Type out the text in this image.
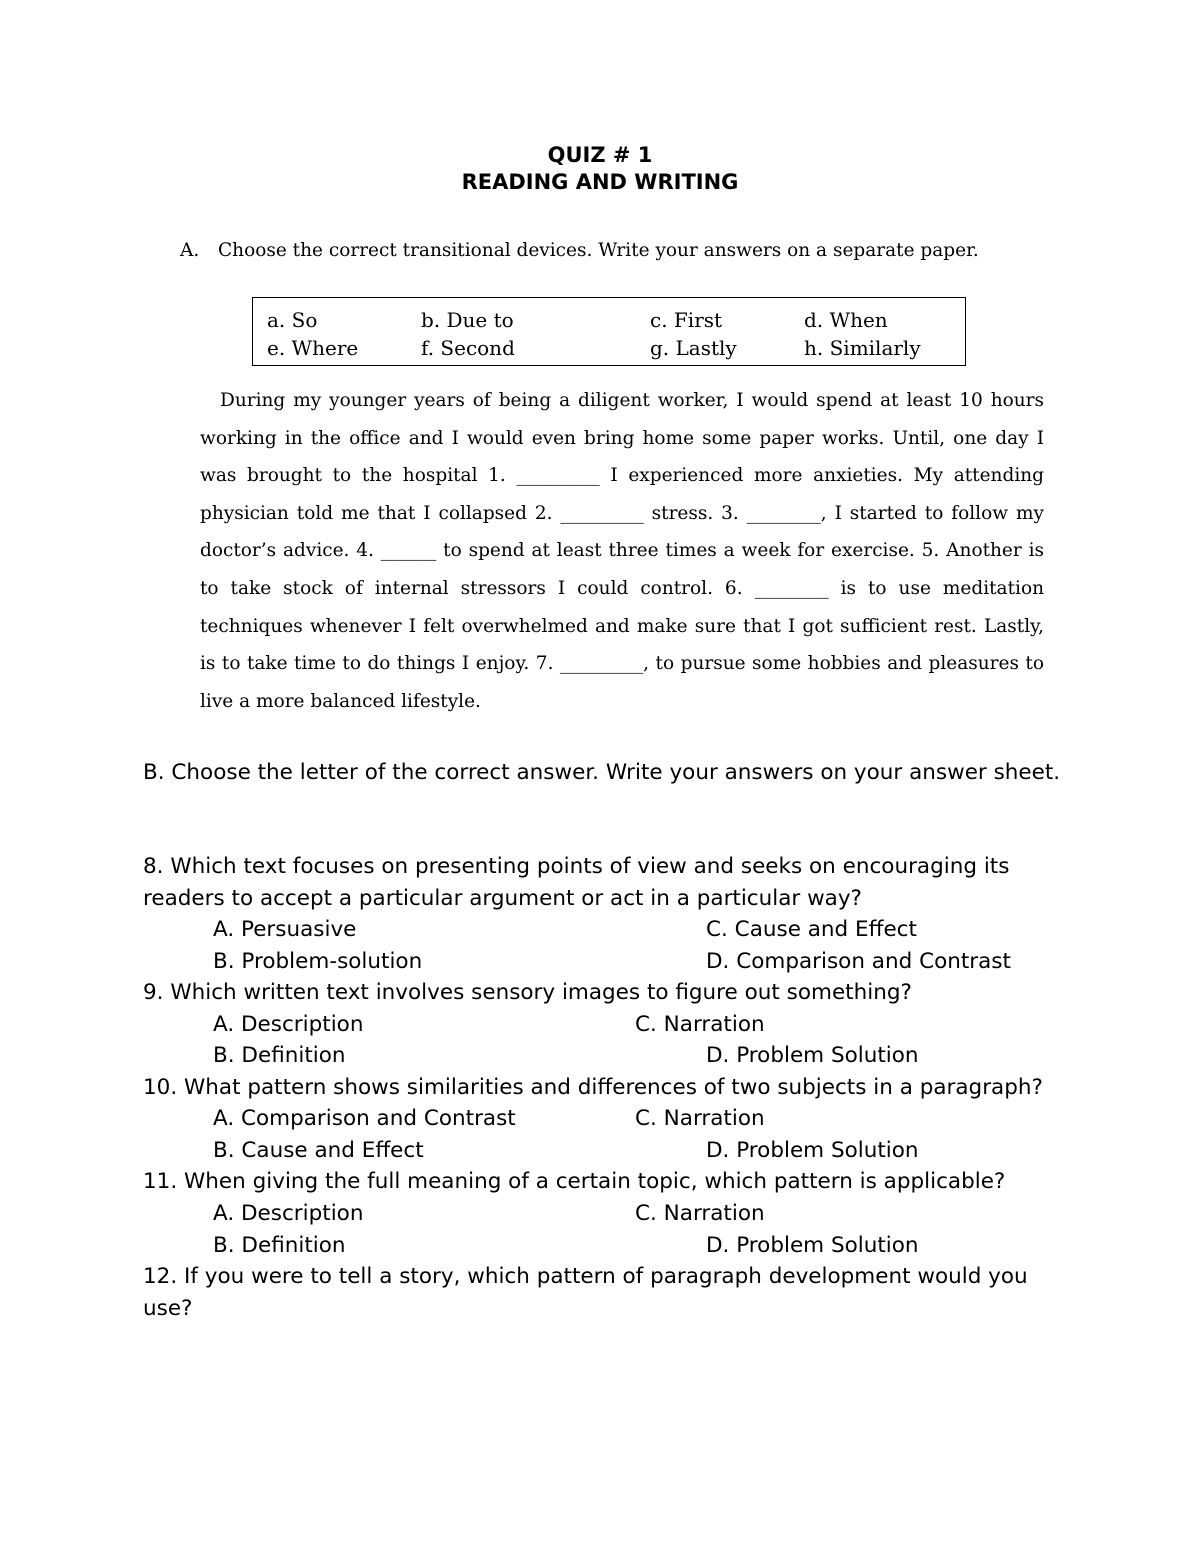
QUIZ # 1
READING AND WRITING
A. Choose the correct transitional devices. Write your answers on a separate paper.
a. So	b. Due to	c. First	d. When
e. Where	f. Second	g. Lastly	h. Similarly

During my younger years of being a diligent worker, I would spend at least 10 hours working in the office and I would even bring home some paper works. Until, one day I was brought to the hospital 1. _________ I experienced more anxieties. My attending physician told me that I collapsed 2. _________ stress. 3. ________, I started to follow my doctor’s advice. 4. ______ to spend at least three times a week for exercise. 5. Another is to take stock of internal stressors I could control. 6. ________ is to use meditation techniques whenever I felt overwhelmed and make sure that I got sufficient rest. Lastly, is to take time to do things I enjoy. 7. _________, to pursue some hobbies and pleasures to live a more balanced lifestyle.

B. Choose the letter of the correct answer. Write your answers on your answer sheet.
8. Which text focuses on presenting points of view and seeks on encouraging its readers to accept a particular argument or act in a particular way?
A. Persuasive	C. Cause and Effect
B. Problem-solution	D. Comparison and Contrast
9. Which written text involves sensory images to figure out something?
A. Description	C. Narration
B. Definition	D. Problem Solution
10. What pattern shows similarities and differences of two subjects in a paragraph?
A. Comparison and Contrast	C. Narration
B. Cause and Effect	D. Problem Solution
11. When giving the full meaning of a certain topic, which pattern is applicable?
A. Description	C. Narration
B. Definition	D. Problem Solution
12. If you were to tell a story, which pattern of paragraph development would you use?
